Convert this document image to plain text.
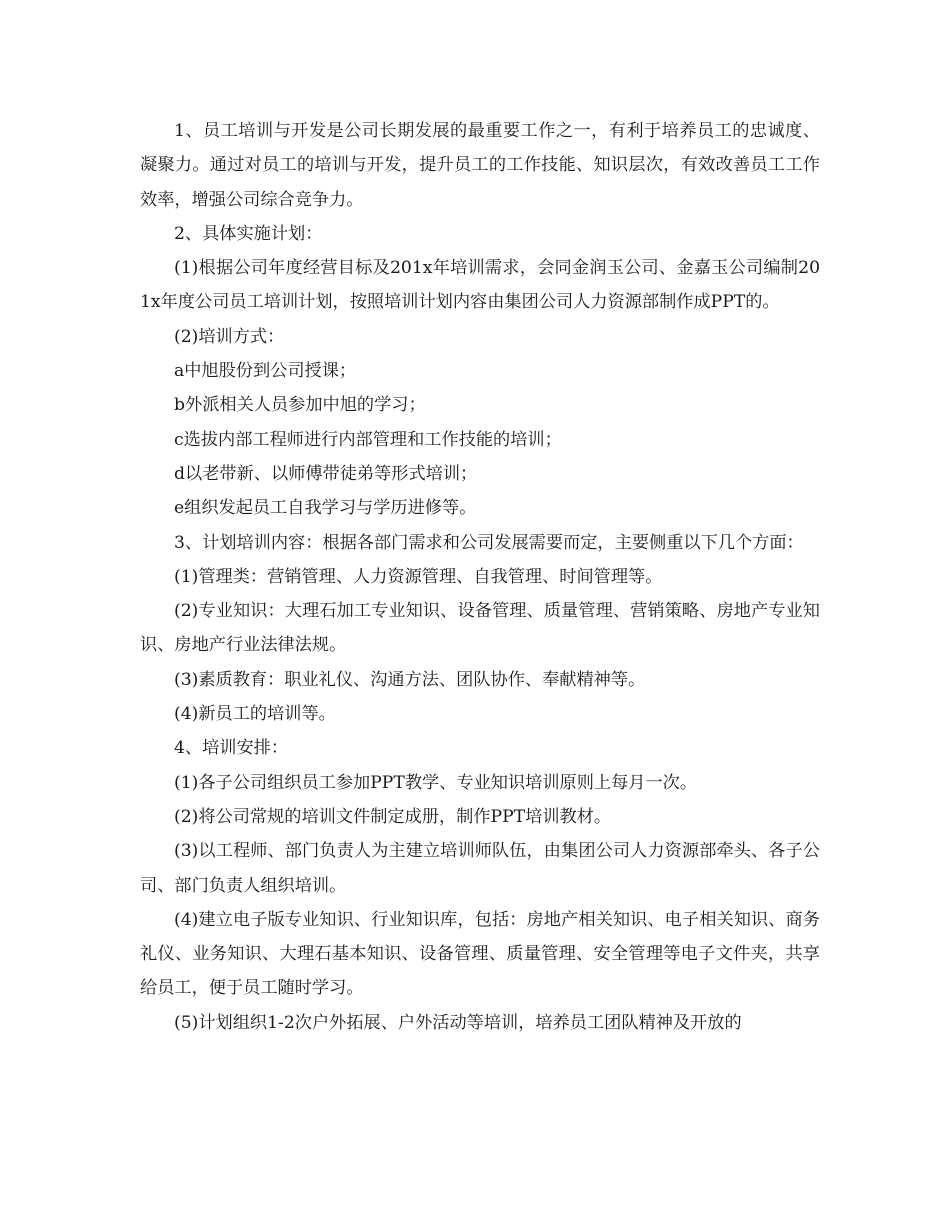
1、员工培训与开发是公司长期发展的最重要工作之一，有利于培养员工的忠诚度、凝聚力。通过对员工的培训与开发，提升员工的工作技能、知识层次，有效改善员工工作效率，增强公司综合竞争力。

2、具体实施计划：

(1)根据公司年度经营目标及201x年培训需求，会同金润玉公司、金嘉玉公司编制201x年度公司员工培训计划，按照培训计划内容由集团公司人力资源部制作成PPT的。

(2)培训方式：

a中旭股份到公司授课；

b外派相关人员参加中旭的学习；

c选拔内部工程师进行内部管理和工作技能的培训；

d以老带新、以师傅带徒弟等形式培训；

e组织发起员工自我学习与学历进修等。

3、计划培训内容：根据各部门需求和公司发展需要而定，主要侧重以下几个方面：

(1)管理类：营销管理、人力资源管理、自我管理、时间管理等。

(2)专业知识：大理石加工专业知识、设备管理、质量管理、营销策略、房地产专业知识、房地产行业法律法规。

(3)素质教育：职业礼仪、沟通方法、团队协作、奉献精神等。

(4)新员工的培训等。

4、培训安排：

(1)各子公司组织员工参加PPT教学、专业知识培训原则上每月一次。

(2)将公司常规的培训文件制定成册，制作PPT培训教材。

(3)以工程师、部门负责人为主建立培训师队伍，由集团公司人力资源部牵头、各子公司、部门负责人组织培训。

(4)建立电子版专业知识、行业知识库，包括：房地产相关知识、电子相关知识、商务礼仪、业务知识、大理石基本知识、设备管理、质量管理、安全管理等电子文件夹，共享给员工，便于员工随时学习。

(5)计划组织1-2次户外拓展、户外活动等培训，培养员工团队精神及开放的
